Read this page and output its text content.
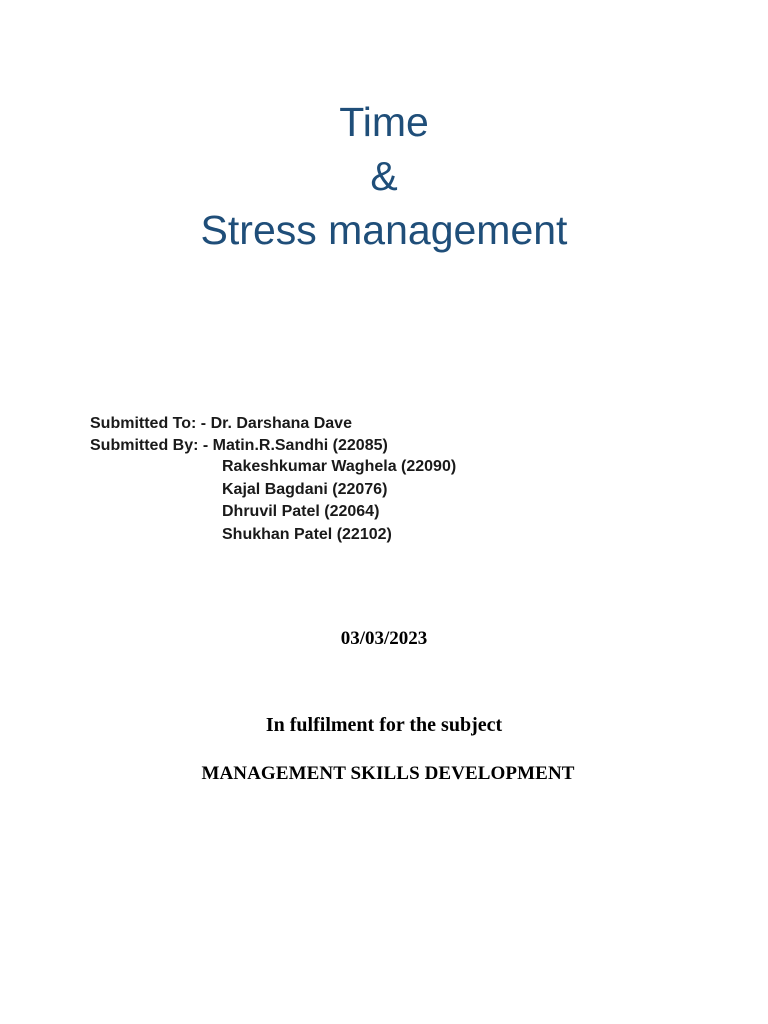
Time
&
Stress management
Submitted To: - Dr. Darshana Dave
Submitted By: - Matin.R.Sandhi (22085)
Rakeshkumar Waghela (22090)
Kajal Bagdani (22076)
Dhruvil Patel (22064)
Shukhan Patel (22102)
03/03/2023
In fulfilment for the subject
MANAGEMENT SKILLS DEVELOPMENT
